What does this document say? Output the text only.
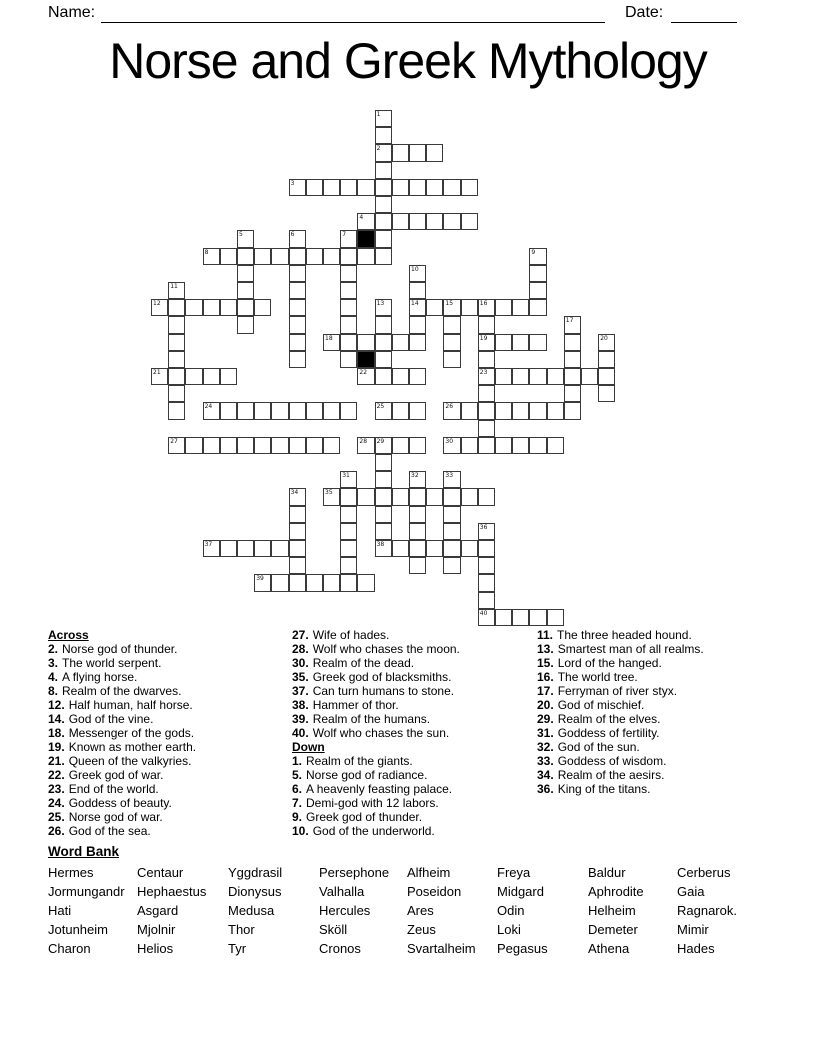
Name:	Date:
Norse and Greek Mythology
1
2
3
4
5	6	7
8	9
10
14
11
12	13	15	16
19
23
17
18	20
21	22
24	25	26
27	28 29
38
30
31	32	33
34	35
36
40
37
39
Across
2. Norse god of thunder.
3. The world serpent.
4. A flying horse.
8. Realm of the dwarves.
12. Half human, half horse.
14. God of the vine.
18. Messenger of the gods.
19. Known as mother earth.
21. Queen of the valkyries.
22. Greek god of war.
23. End of the world.
24. Goddess of beauty.
25. Norse god of war.
26. God of the sea.
27. Wife of hades.
28. Wolf who chases the moon.
30. Realm of the dead.
35. Greek god of blacksmiths.
37. Can turn humans to stone.
38. Hammer of thor.
39. Realm of the humans.
40. Wolf who chases the sun.
Down
1. Realm of the giants.
5. Norse god of radiance.
6. A heavenly feasting palace.
7. Demi-god with 12 labors.
9. Greek god of thunder.
10. God of the underworld.
11. The three headed hound.
13. Smartest man of all realms.
15. Lord of the hanged.
16. The world tree.
17. Ferryman of river styx.
20. God of mischief.
29. Realm of the elves.
31. Goddess of fertility.
32. God of the sun.
33. Goddess of wisdom.
34. Realm of the aesirs.
36. King of the titans.
Word Bank
Hermes	Centaur	Yggdrasil	Persephone	Alfheim	Freya	Baldur	Cerberus
Jormungandr Hephaestus	Dionysus	Valhalla	Poseidon	Midgard	Aphrodite	Gaia
Hati	Asgard	Medusa	Hercules	Ares	Odin	Helheim	Ragnarok.
Jotunheim	Mjolnir	Thor	Sköll	Zeus	Loki	Demeter	Mimir
Charon	Helios	Tyr	Cronos	Svartalheim	Pegasus	Athena	Hades
